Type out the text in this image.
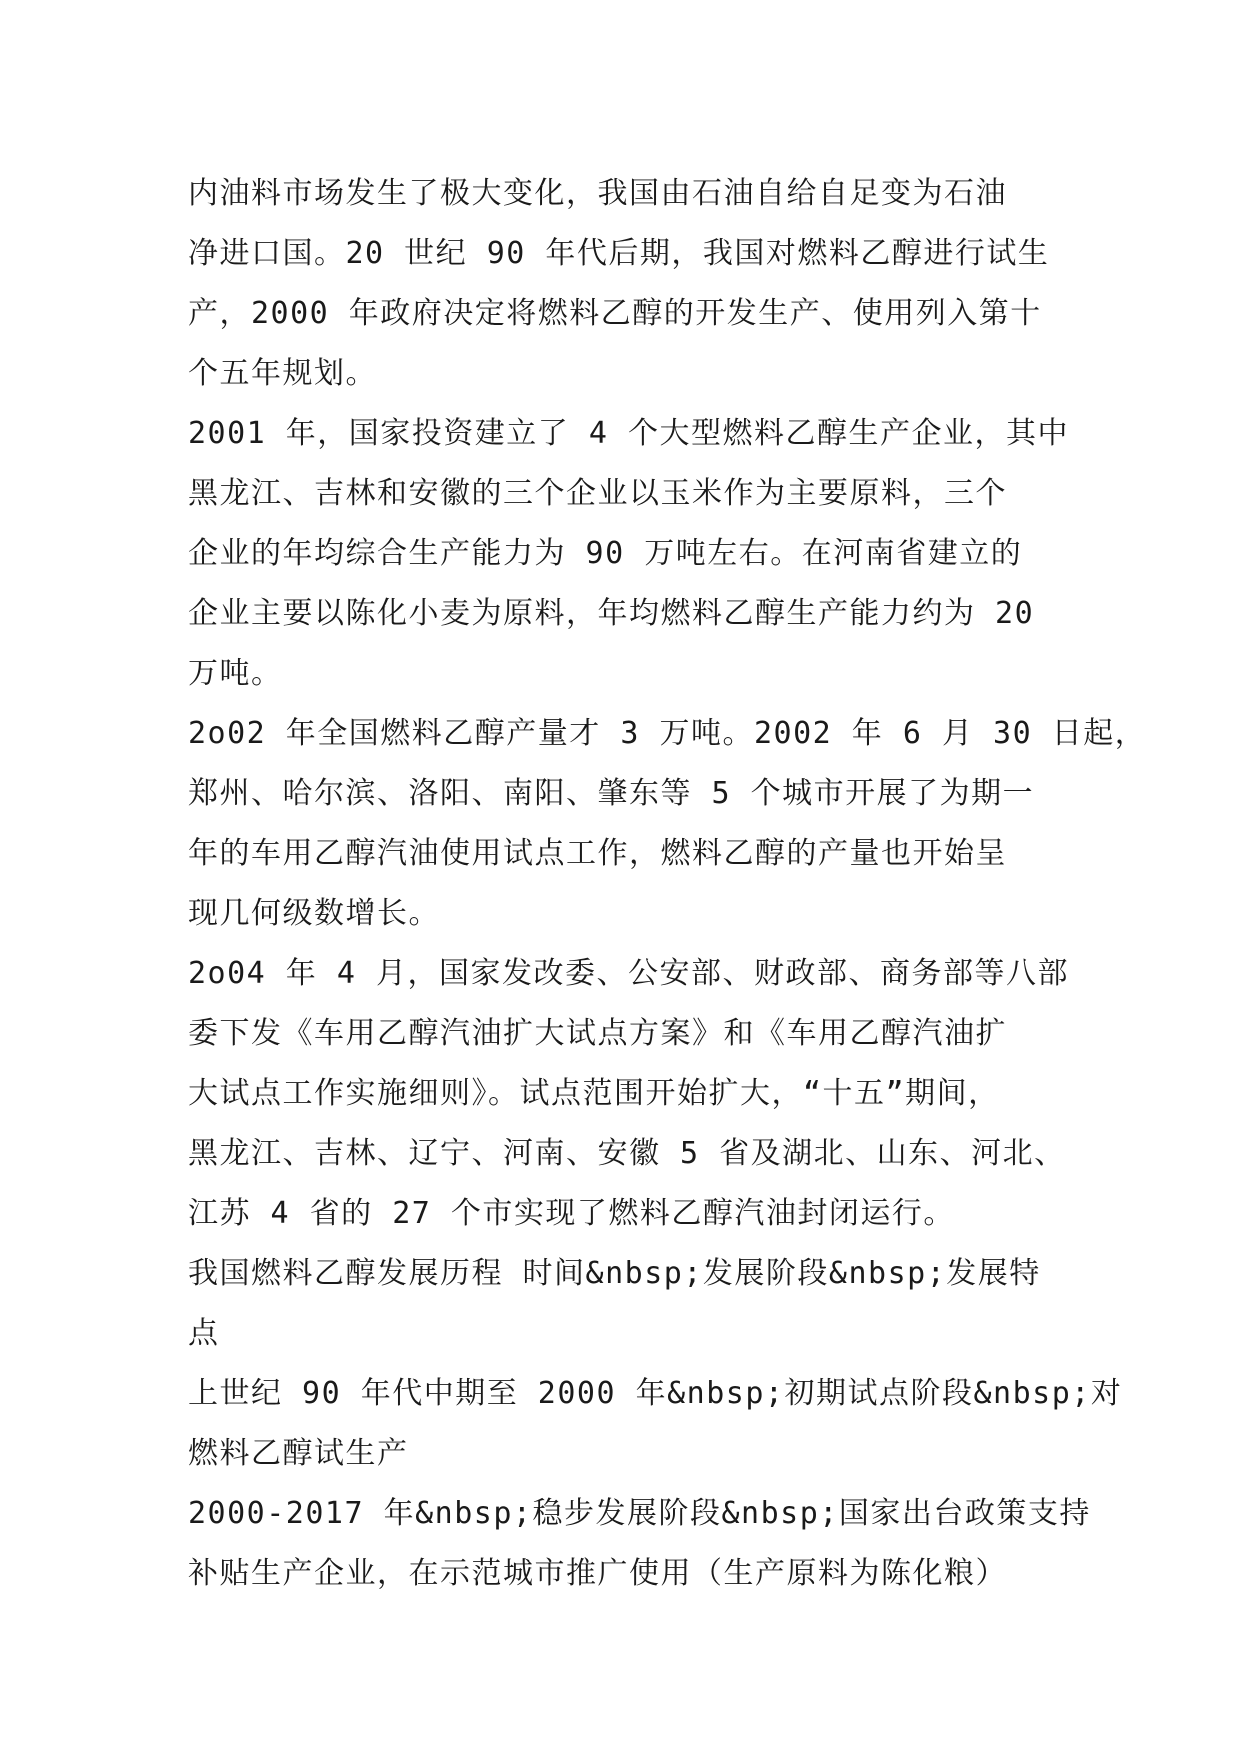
内油料市场发生了极大变化，我国由石油自给自足变为石油
净进口国。20 世纪 90 年代后期，我国对燃料乙醇进行试生
产，2000 年政府决定将燃料乙醇的开发生产、使用列入第十
个五年规划。
2001 年，国家投资建立了 4 个大型燃料乙醇生产企业，其中
黑龙江、吉林和安徽的三个企业以玉米作为主要原料，三个
企业的年均综合生产能力为 90 万吨左右。在河南省建立的
企业主要以陈化小麦为原料，年均燃料乙醇生产能力约为 20
万吨。
2o02 年全国燃料乙醇产量才 3 万吨。2002 年 6 月 30 日起，
郑州、哈尔滨、洛阳、南阳、肇东等 5 个城市开展了为期一
年的车用乙醇汽油使用试点工作，燃料乙醇的产量也开始呈
现几何级数增长。
2o04 年 4 月，国家发改委、公安部、财政部、商务部等八部
委下发《车用乙醇汽油扩大试点方案》和《车用乙醇汽油扩
大试点工作实施细则》。试点范围开始扩大，“十五”期间，
黑龙江、吉林、辽宁、河南、安徽 5 省及湖北、山东、河北、
江苏 4 省的 27 个市实现了燃料乙醇汽油封闭运行。
我国燃料乙醇发展历程 时间&nbsp;发展阶段&nbsp;发展特
点
上世纪 90 年代中期至 2000 年&nbsp;初期试点阶段&nbsp;对
燃料乙醇试生产
2000-2017 年&nbsp;稳步发展阶段&nbsp;国家出台政策支持
补贴生产企业，在示范城市推广使用（生产原料为陈化粮）
